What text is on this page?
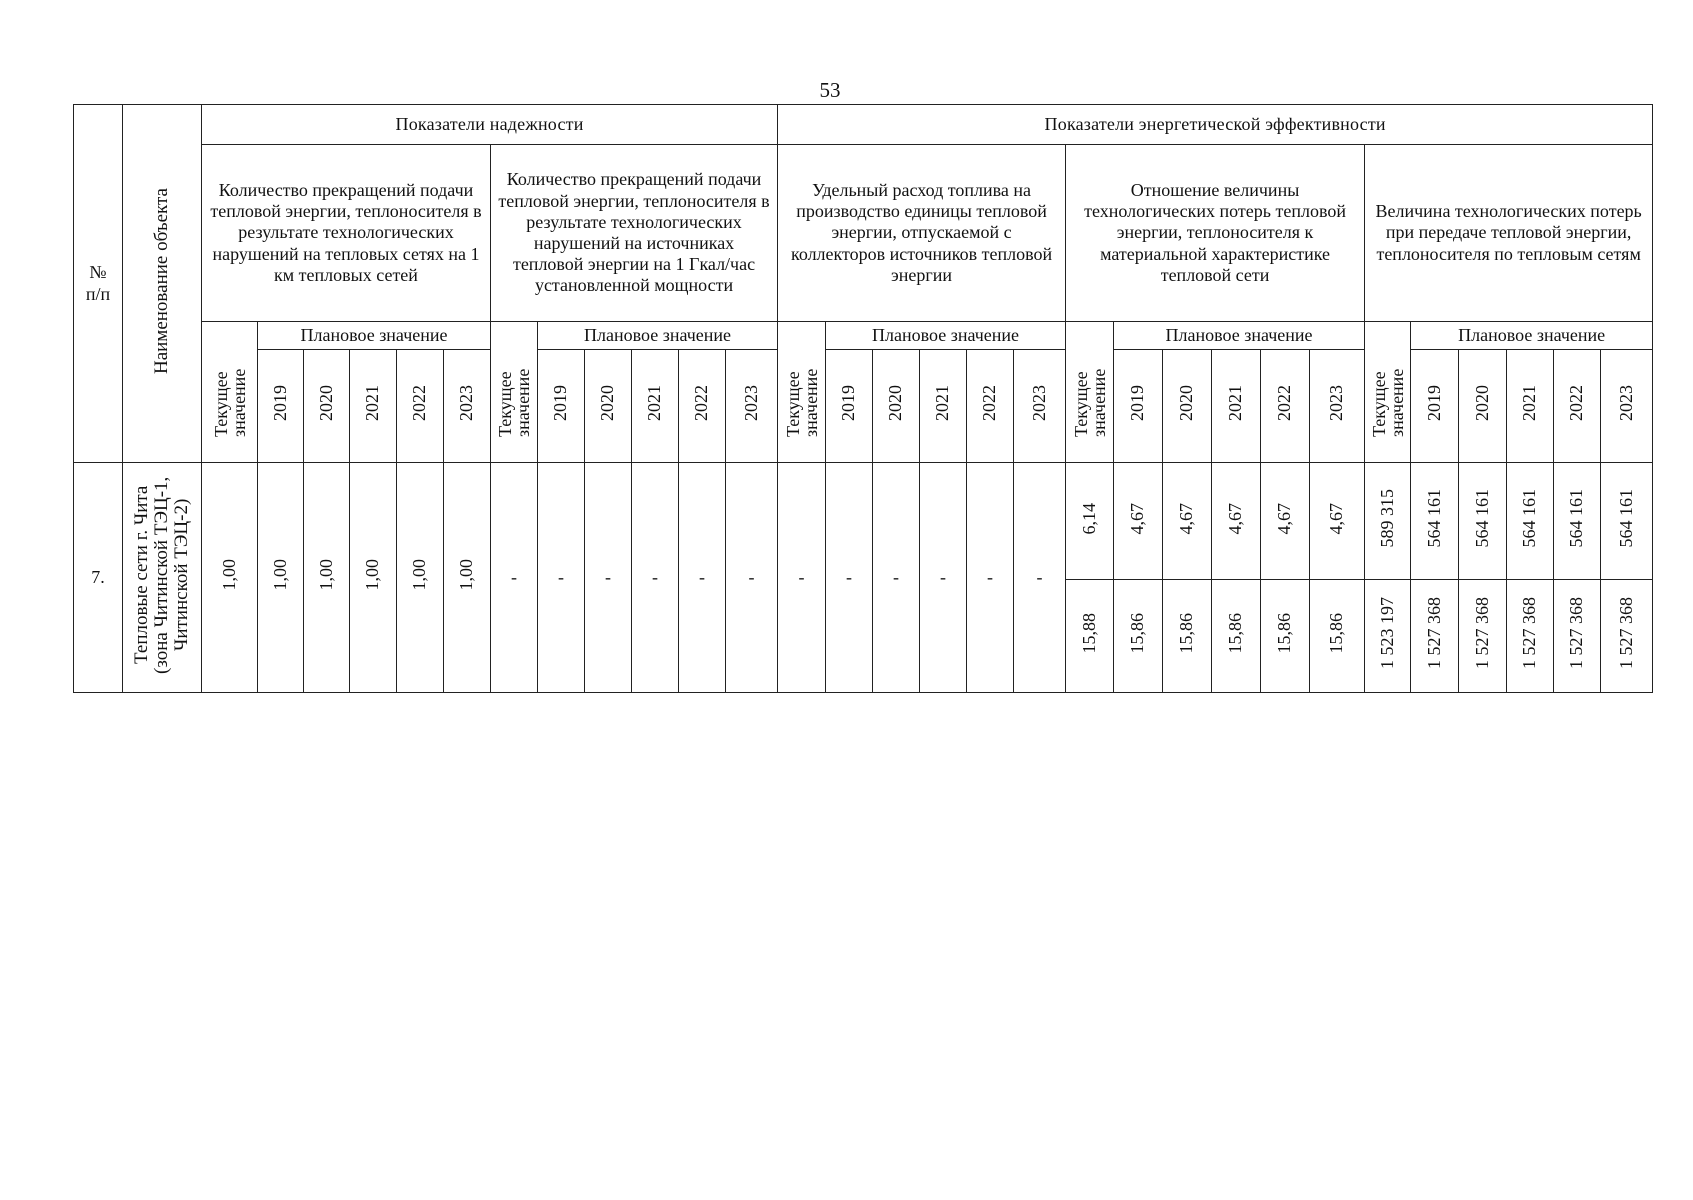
53
№ п/п	Наименование объекта	Показатели надежности												Показатели энергетической эффективности																	
		Количество прекращений подачи тепловой энергии, теплоносителя в результате технологических нарушений на тепловых сетях на 1 км тепловых сетей						Количество прекращений подачи тепловой энергии, теплоносителя в результате технологических нарушений на источниках тепловой энергии на 1 Гкал/час установленной мощности						Удельный расход топлива на производство единицы тепловой энергии, отпускаемой с коллекторов источников тепловой энергии						Отношение величины технологических потерь тепловой энергии, теплоносителя к материальной характеристике тепловой сети						Величина технологических потерь при передаче тепловой энергии, теплоносителя по тепловым сетям					
		Текущее значение	Плановое значение					Текущее значение	Плановое значение					Текущее значение	Плановое значение					Текущее значение	Плановое значение					Текущее значение	Плановое значение				
			2019	2020	2021	2022	2023		2019	2020	2021	2022	2023		2019	2020	2021	2022	2023		2019	2020	2021	2022	2023		2019	2020	2021	2022	2023
7.	Тепловые сети г. Чита (зона Читинской ТЭЦ-1, Читинской ТЭЦ-2)	1,00	1,00	1,00	1,00	1,00	1,00	-	-	-	-	-	-	-	-	-	-	-	-	6,14	4,67	4,67	4,67	4,67	4,67	589 315	564 161	564 161	564 161	564 161	564 161
																				15,88	15,86	15,86	15,86	15,86	15,86	1 523 197	1 527 368	1 527 368	1 527 368	1 527 368	1 527 368
